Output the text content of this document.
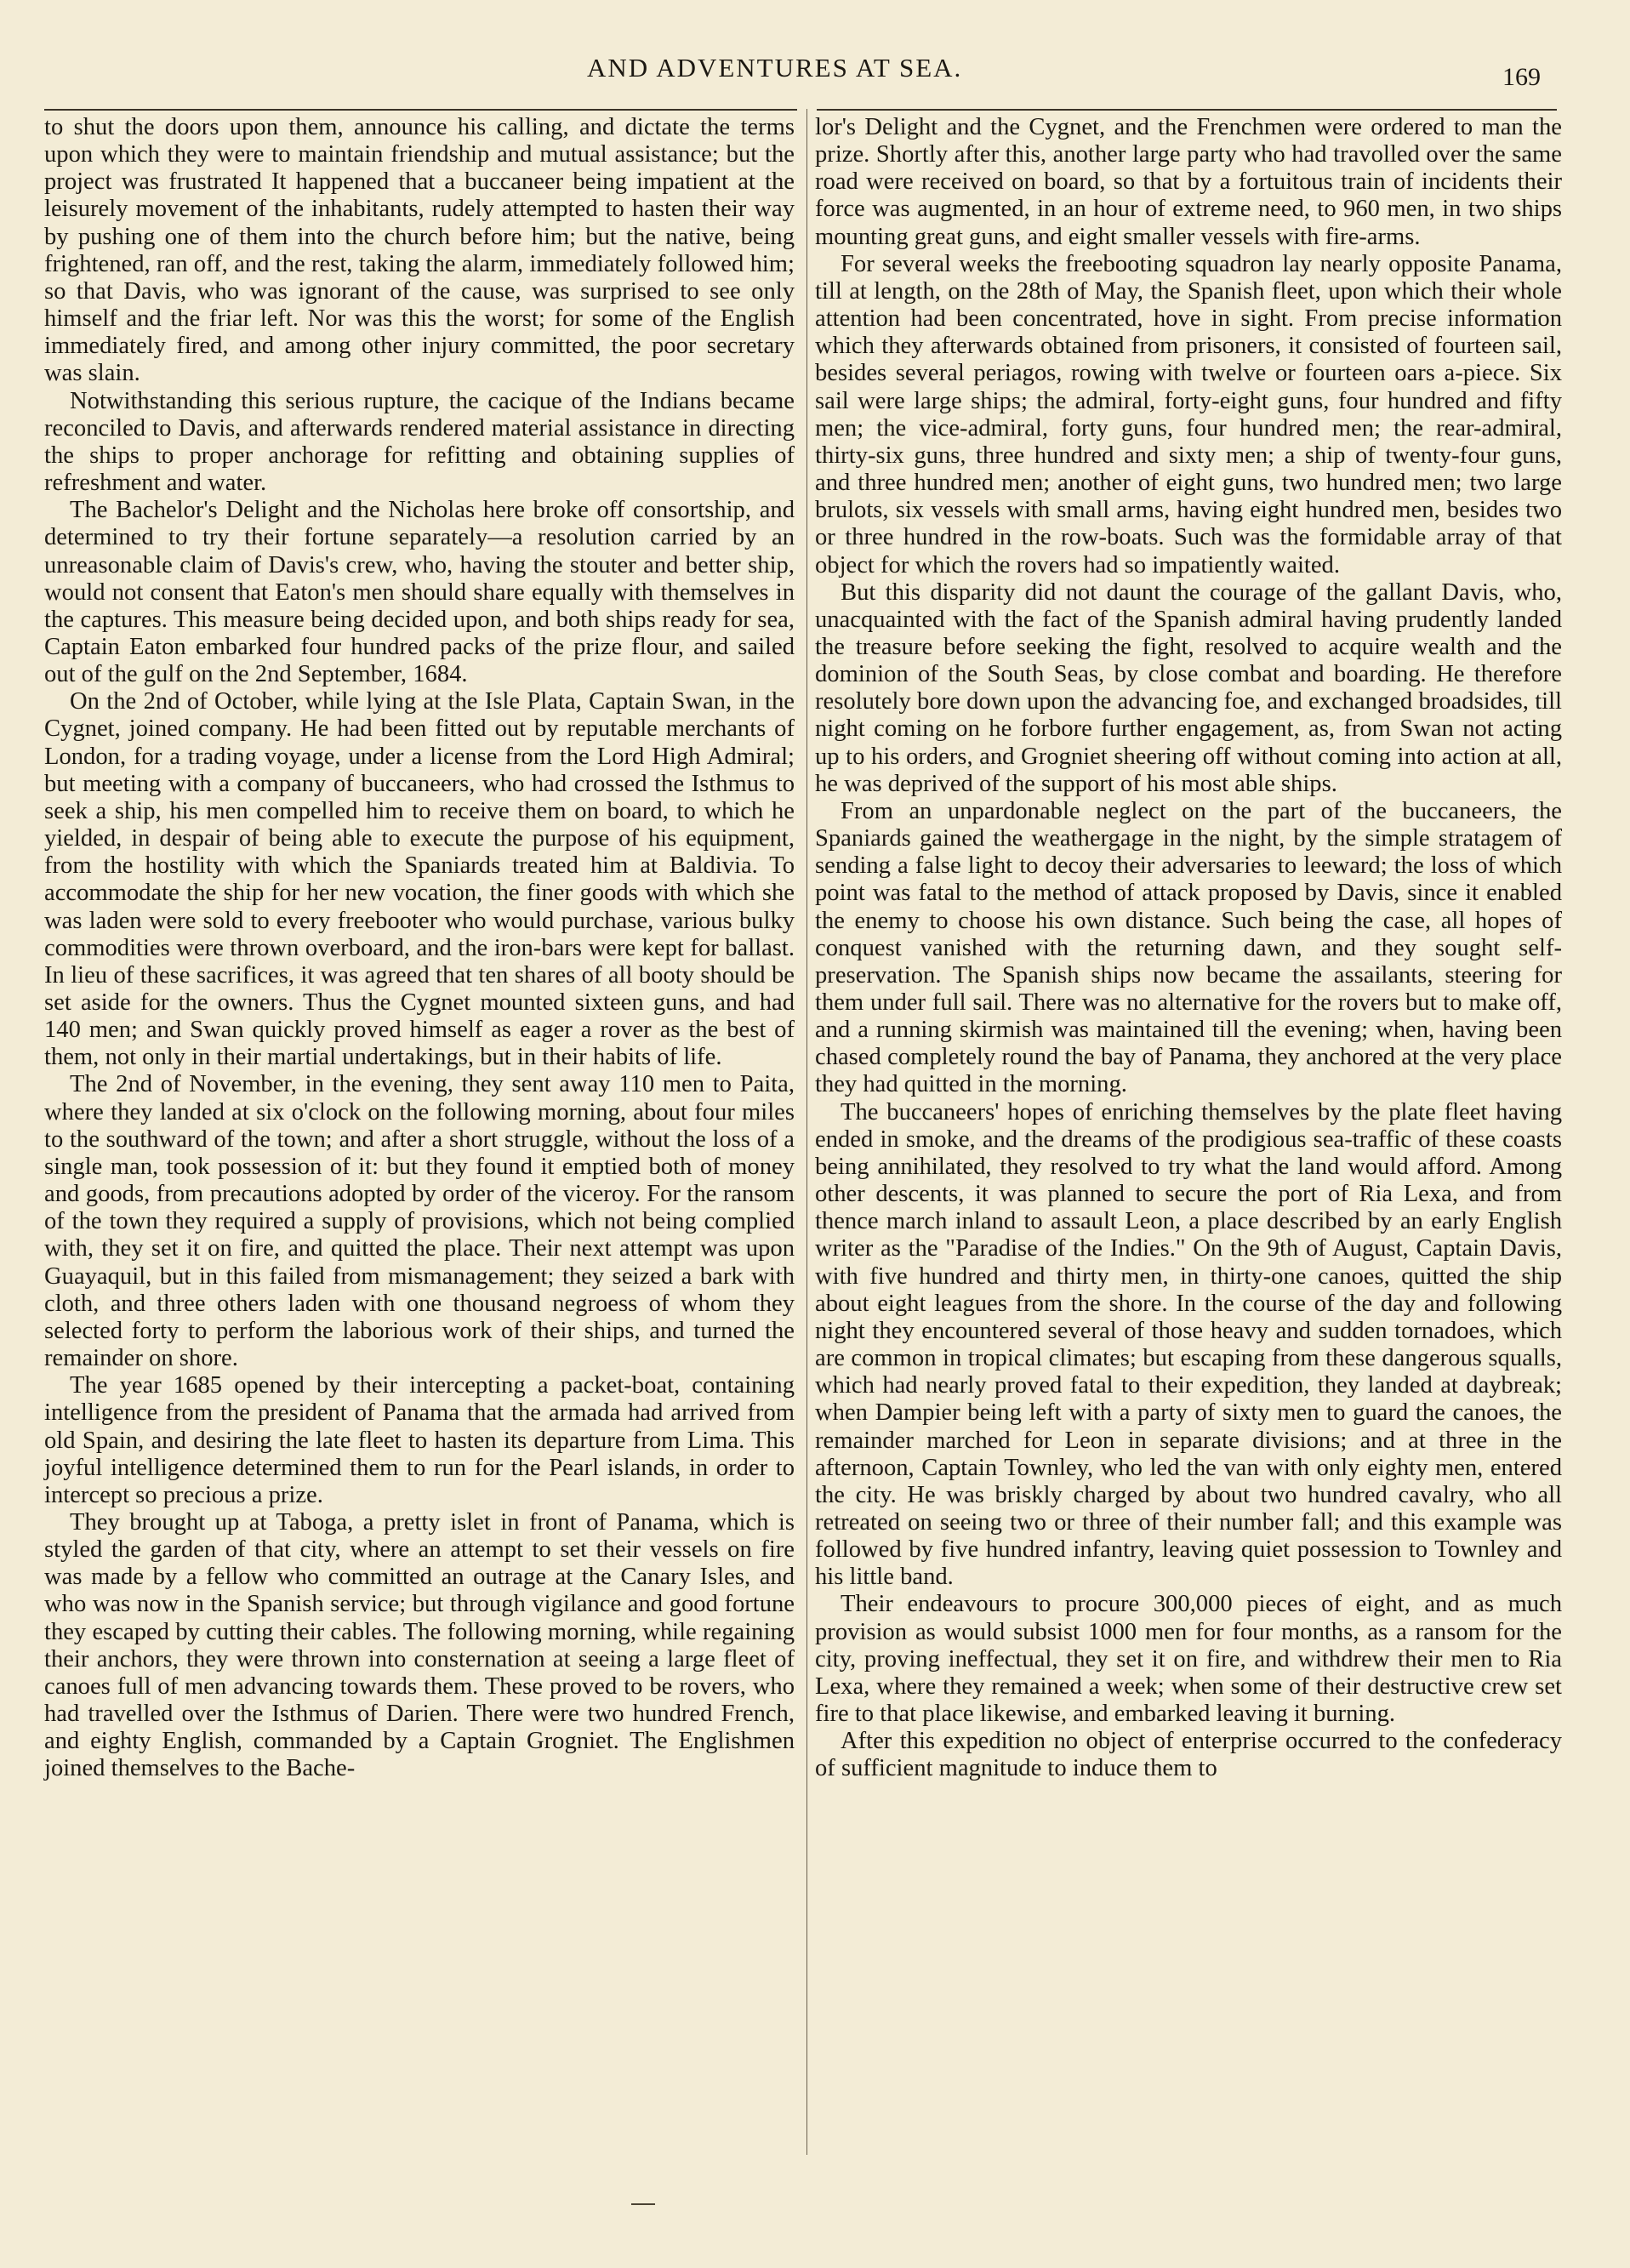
AND ADVENTURES AT SEA.	169

to shut the doors upon them, announce his calling, and dictate the terms upon which they were to maintain friendship and mutual assistance; but the project was frustrated It happened that a buccaneer being impatient at the leisurely movement of the inhabitants, rudely attempted to hasten their way by pushing one of them into the church before him; but the native, being frightened, ran off, and the rest, taking the alarm, immediately followed him; so that Davis, who was ignorant of the cause, was surprised to see only himself and the friar left. Nor was this the worst; for some of the English immediately fired, and among other injury committed, the poor secretary was slain.

Notwithstanding this serious rupture, the cacique of the Indians became reconciled to Davis, and afterwards rendered material assistance in directing the ships to proper anchorage for refitting and obtaining supplies of refreshment and water.

The Bachelor's Delight and the Nicholas here broke off consortship, and determined to try their fortune separately—a resolution carried by an unreasonable claim of Davis's crew, who, having the stouter and better ship, would not consent that Eaton's men should share equally with themselves in the captures. This measure being decided upon, and both ships ready for sea, Captain Eaton embarked four hundred packs of the prize flour, and sailed out of the gulf on the 2nd September, 1684.

On the 2nd of October, while lying at the Isle Plata, Captain Swan, in the Cygnet, joined company. He had been fitted out by reputable merchants of London, for a trading voyage, under a license from the Lord High Admiral; but meeting with a company of buccaneers, who had crossed the Isthmus to seek a ship, his men compelled him to receive them on board, to which he yielded, in despair of being able to execute the purpose of his equipment, from the hostility with which the Spaniards treated him at Baldivia. To accommodate the ship for her new vocation, the finer goods with which she was laden were sold to every freebooter who would purchase, various bulky commodities were thrown overboard, and the iron-bars were kept for ballast. In lieu of these sacrifices, it was agreed that ten shares of all booty should be set aside for the owners. Thus the Cygnet mounted sixteen guns, and had 140 men; and Swan quickly proved himself as eager a rover as the best of them, not only in their martial undertakings, but in their habits of life.

The 2nd of November, in the evening, they sent away 110 men to Paita, where they landed at six o'clock on the following morning, about four miles to the southward of the town; and after a short struggle, without the loss of a single man, took possession of it: but they found it emptied both of money and goods, from precautions adopted by order of the viceroy. For the ransom of the town they required a supply of provisions, which not being complied with, they set it on fire, and quitted the place. Their next attempt was upon Guayaquil, but in this failed from mismanagement; they seized a bark with cloth, and three others laden with one thousand negroess of whom they selected forty to perform the laborious work of their ships, and turned the remainder on shore.

The year 1685 opened by their intercepting a packet-boat, containing intelligence from the president of Panama that the armada had arrived from old Spain, and desiring the late fleet to hasten its departure from Lima. This joyful intelligence determined them to run for the Pearl islands, in order to intercept so precious a prize.

They brought up at Taboga, a pretty islet in front of Panama, which is styled the garden of that city, where an attempt to set their vessels on fire was made by a fellow who committed an outrage at the Canary Isles, and who was now in the Spanish service; but through vigilance and good fortune they escaped by cutting their cables. The following morning, while regaining their anchors, they were thrown into consternation at seeing a large fleet of canoes full of men advancing towards them. These proved to be rovers, who had travelled over the Isthmus of Darien. There were two hundred French, and eighty English, commanded by a Captain Grogniet. The Englishmen joined themselves to the Bache-

lor's Delight and the Cygnet, and the Frenchmen were ordered to man the prize. Shortly after this, another large party who had travolled over the same road were received on board, so that by a fortuitous train of incidents their force was augmented, in an hour of extreme need, to 960 men, in two ships mounting great guns, and eight smaller vessels with fire-arms.

For several weeks the freebooting squadron lay nearly opposite Panama, till at length, on the 28th of May, the Spanish fleet, upon which their whole attention had been concentrated, hove in sight. From precise information which they afterwards obtained from prisoners, it consisted of fourteen sail, besides several periagos, rowing with twelve or fourteen oars a-piece. Six sail were large ships; the admiral, forty-eight guns, four hundred and fifty men; the vice-admiral, forty guns, four hundred men; the rear-admiral, thirty-six guns, three hundred and sixty men; a ship of twenty-four guns, and three hundred men; another of eight guns, two hundred men; two large brulots, six vessels with small arms, having eight hundred men, besides two or three hundred in the row-boats. Such was the formidable array of that object for which the rovers had so impatiently waited.

But this disparity did not daunt the courage of the gallant Davis, who, unacquainted with the fact of the Spanish admiral having prudently landed the treasure before seeking the fight, resolved to acquire wealth and the dominion of the South Seas, by close combat and boarding. He therefore resolutely bore down upon the advancing foe, and exchanged broadsides, till night coming on he forbore further engagement, as, from Swan not acting up to his orders, and Grogniet sheering off without coming into action at all, he was deprived of the support of his most able ships.

From an unpardonable neglect on the part of the buccaneers, the Spaniards gained the weathergage in the night, by the simple stratagem of sending a false light to decoy their adversaries to leeward; the loss of which point was fatal to the method of attack proposed by Davis, since it enabled the enemy to choose his own distance. Such being the case, all hopes of conquest vanished with the returning dawn, and they sought self-preservation. The Spanish ships now became the assailants, steering for them under full sail. There was no alternative for the rovers but to make off, and a running skirmish was maintained till the evening; when, having been chased completely round the bay of Panama, they anchored at the very place they had quitted in the morning.

The buccaneers' hopes of enriching themselves by the plate fleet having ended in smoke, and the dreams of the prodigious sea-traffic of these coasts being annihilated, they resolved to try what the land would afford. Among other descents, it was planned to secure the port of Ria Lexa, and from thence march inland to assault Leon, a place described by an early English writer as the "Paradise of the Indies." On the 9th of August, Captain Davis, with five hundred and thirty men, in thirty-one canoes, quitted the ship about eight leagues from the shore. In the course of the day and following night they encountered several of those heavy and sudden tornadoes, which are common in tropical climates; but escaping from these dangerous squalls, which had nearly proved fatal to their expedition, they landed at daybreak; when Dampier being left with a party of sixty men to guard the canoes, the remainder marched for Leon in separate divisions; and at three in the afternoon, Captain Townley, who led the van with only eighty men, entered the city. He was briskly charged by about two hundred cavalry, who all retreated on seeing two or three of their number fall; and this example was followed by five hundred infantry, leaving quiet possession to Townley and his little band.

Their endeavours to procure 300,000 pieces of eight, and as much provision as would subsist 1000 men for four months, as a ransom for the city, proving ineffectual, they set it on fire, and withdrew their men to Ria Lexa, where they remained a week; when some of their destructive crew set fire to that place likewise, and embarked leaving it burning.

After this expedition no object of enterprise occurred to the confederacy of sufficient magnitude to induce them to
